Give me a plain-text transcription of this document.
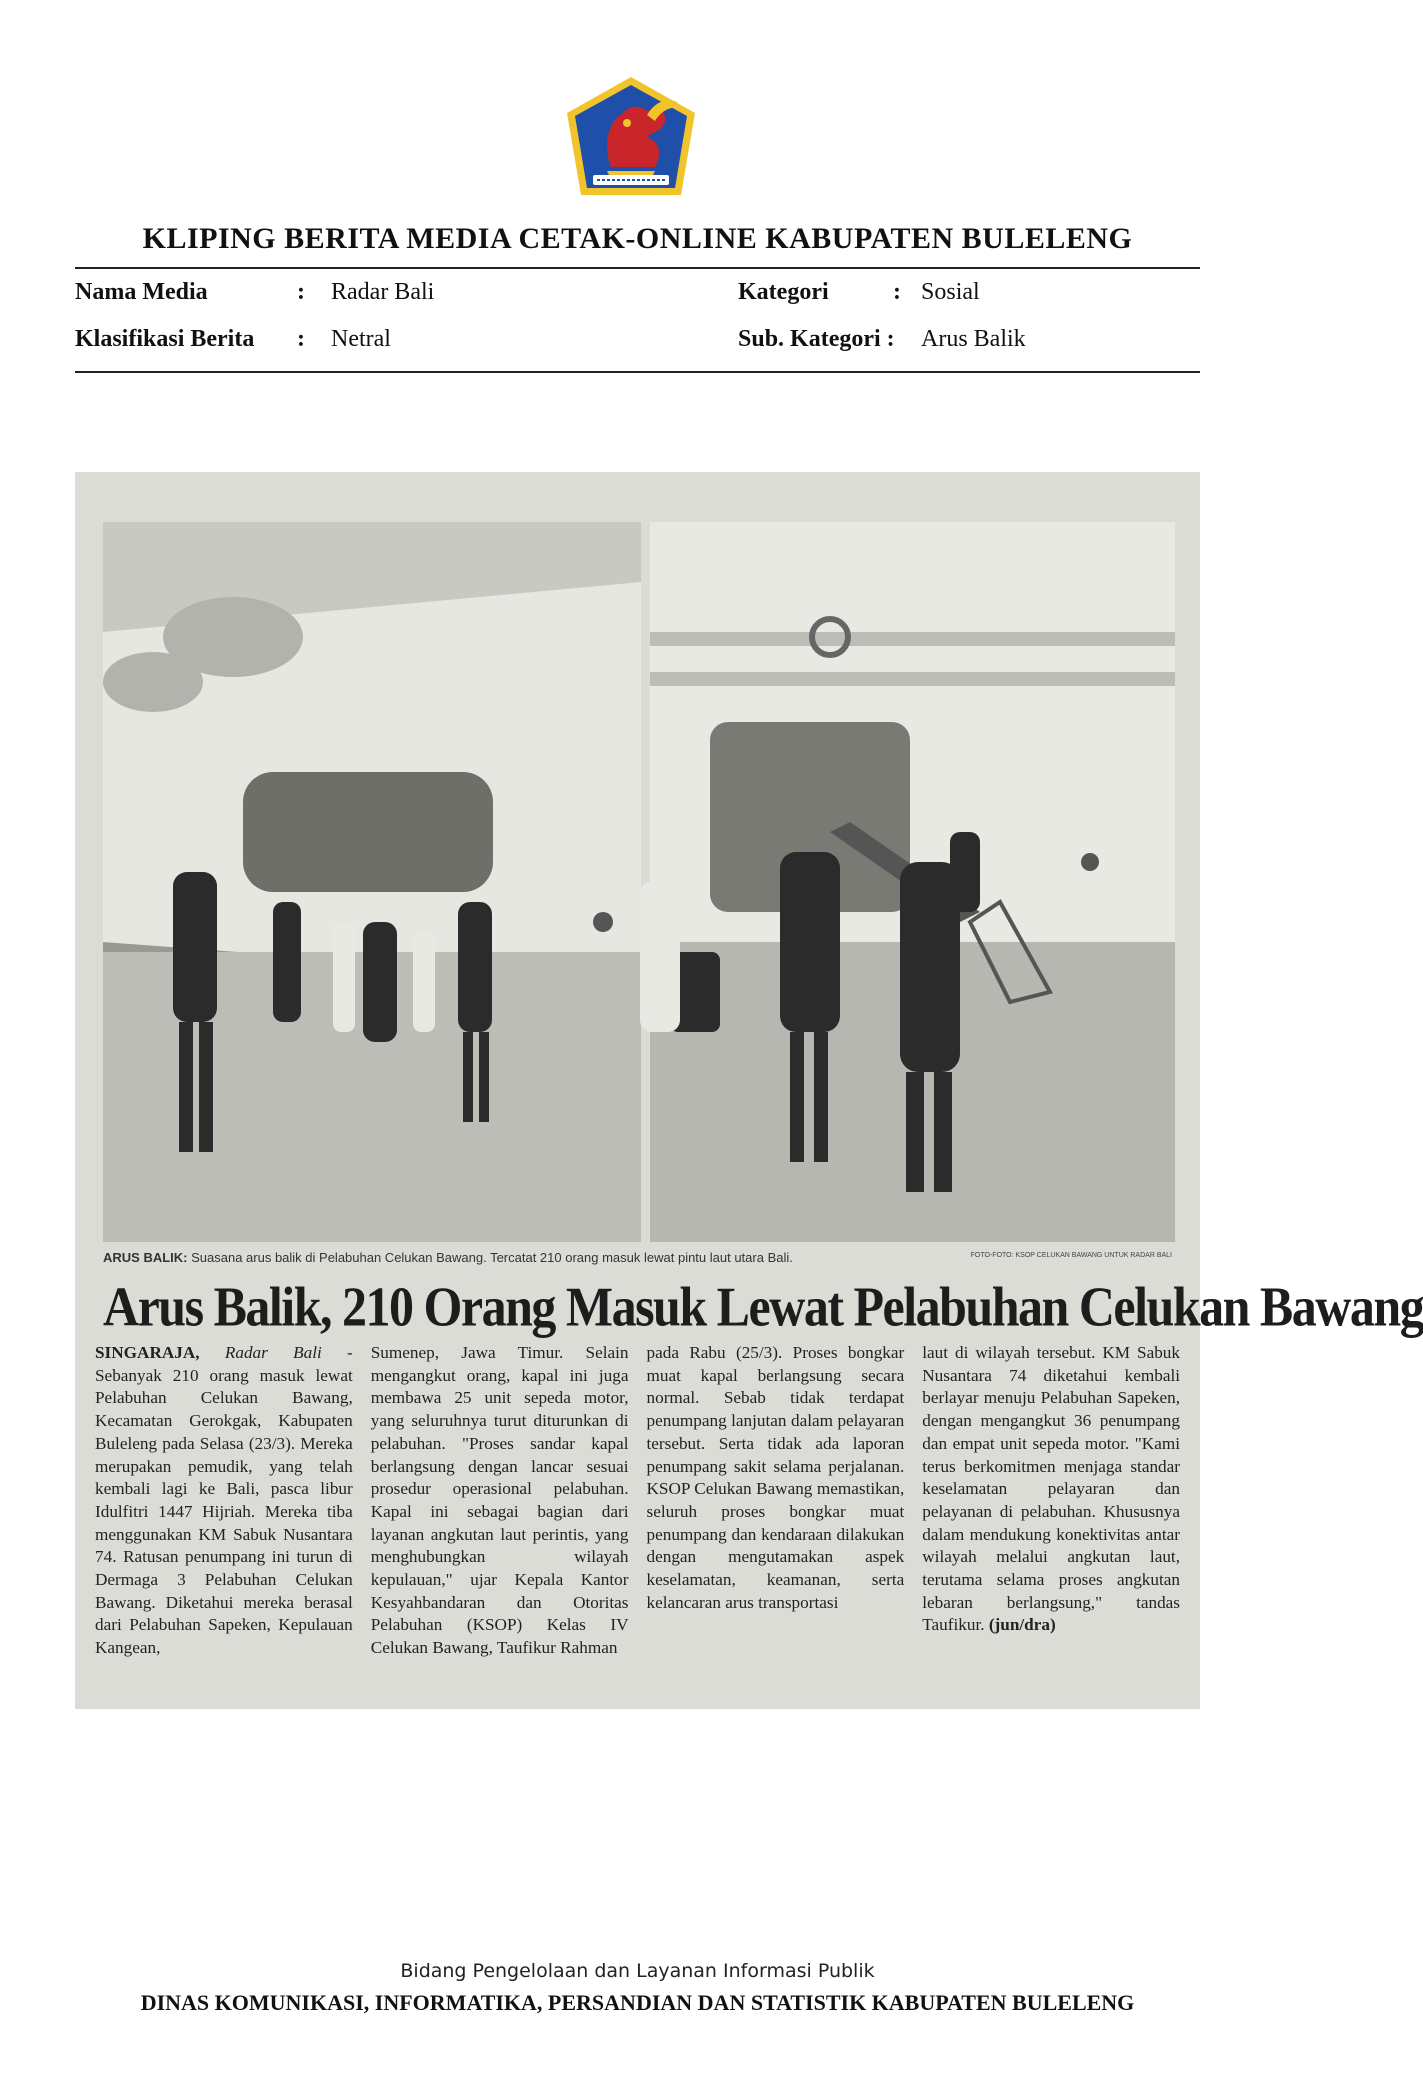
KLIPING BERITA MEDIA CETAK-ONLINE KABUPATEN BULELENG
Nama Media	: Radar Bali
Klasifikasi Berita : Netral
Kategori	: Sosial
Sub. Kategori : Arus Balik
ARUS BALIK: Suasana arus balik di Pelabuhan Celukan Bawang. Tercatat 210 orang masuk lewat pintu laut utara Bali.	FOTO-FOTO: KSOP CELUKAN BAWANG UNTUK RADAR BALI
Arus Balik, 210 Orang Masuk Lewat Pelabuhan Celukan Bawang

SINGARAJA, Radar Bali - Sebanyak 210 orang masuk lewat Pelabuhan Celukan Bawang, Kecamatan Gerokgak, Kabupaten Buleleng pada Selasa (23/3). Mereka merupakan pemudik, yang telah kembali lagi ke Bali, pasca libur Idulfitri 1447 Hijriah. Mereka tiba menggunakan KM Sabuk Nusantara 74. Ratusan penumpang ini turun di Dermaga 3 Pelabuhan Celukan Bawang. Diketahui mereka berasal dari Pelabuhan Sapeken, Kepulauan Kangean,

Sumenep, Jawa Timur. Selain mengangkut orang, kapal ini juga membawa 25 unit sepeda motor, yang seluruhnya turut diturunkan di pelabuhan. "Proses sandar kapal berlangsung dengan lancar sesuai prosedur operasional pelabuhan. Kapal ini sebagai bagian dari layanan angkutan laut perintis, yang menghubungkan wilayah kepulauan," ujar Kepala Kantor Kesyahbandaran dan Otoritas Pelabuhan (KSOP) Kelas IV Celukan Bawang, Taufikur Rahman

pada Rabu (25/3). Proses bongkar muat kapal berlangsung secara normal. Sebab tidak terdapat penumpang lanjutan dalam pelayaran tersebut. Serta tidak ada laporan penumpang sakit selama perjalanan. KSOP Celukan Bawang memastikan, seluruh proses bongkar muat penumpang dan kendaraan dilakukan dengan mengutamakan aspek keselamatan, keamanan, serta kelancaran arus transportasi

laut di wilayah tersebut. KM Sabuk Nusantara 74 diketahui kembali berlayar menuju Pelabuhan Sapeken, dengan mengangkut 36 penumpang dan empat unit sepeda motor. "Kami terus berkomitmen menjaga standar keselamatan pelayaran dan pelayanan di pelabuhan. Khususnya dalam mendukung konektivitas antar wilayah melalui angkutan laut, terutama selama proses angkutan lebaran berlangsung," tandas Taufikur. (jun/dra)

Bidang Pengelolaan dan Layanan Informasi Publik
DINAS KOMUNIKASI, INFORMATIKA, PERSANDIAN DAN STATISTIK KABUPATEN BULELENG
